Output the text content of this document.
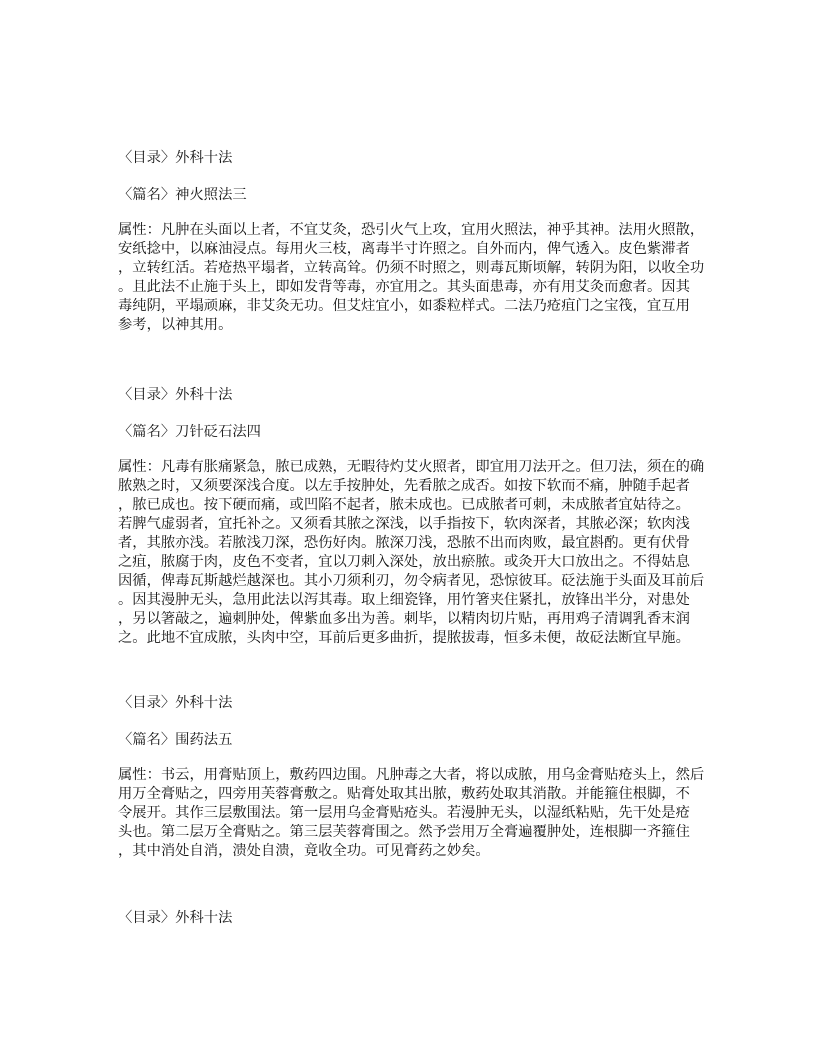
〈目录〉外科十法
〈篇名〉神火照法三
属性：凡肿在头面以上者，不宜艾灸，恐引火气上攻，宜用火照法，神乎其神。法用火照散，
安纸捻中，以麻油浸点。每用火三枝，离毒半寸许照之。自外而内，俾气透入。皮色紫滞者
，立转红活。若疮热平塌者，立转高耸。仍须不时照之，则毒瓦斯顷解，转阴为阳，以收全功
。且此法不止施于头上，即如发背等毒，亦宜用之。其头面患毒，亦有用艾灸而愈者。因其
毒纯阴，平塌顽麻，非艾灸无功。但艾炷宜小，如黍粒样式。二法乃疮疽门之宝筏，宜互用
参考，以神其用。
〈目录〉外科十法
〈篇名〉刀针砭石法四
属性：凡毒有胀痛紧急，脓已成熟，无暇待灼艾火照者，即宜用刀法开之。但刀法，须在的确
脓熟之时，又须要深浅合度。以左手按肿处，先看脓之成否。如按下软而不痛，肿随手起者
，脓已成也。按下硬而痛，或凹陷不起者，脓未成也。已成脓者可刺，未成脓者宜姑待之。
若脾气虚弱者，宜托补之。又须看其脓之深浅，以手指按下，软肉深者，其脓必深；软肉浅
者，其脓亦浅。若脓浅刀深，恐伤好肉。脓深刀浅，恐脓不出而肉败，最宜斟酌。更有伏骨
之疽，脓腐于肉，皮色不变者，宜以刀刺入深处，放出瘀脓。或灸开大口放出之。不得姑息
因循，俾毒瓦斯越烂越深也。其小刀须利刃，勿令病者见，恐惊彼耳。砭法施于头面及耳前后
。因其漫肿无头，急用此法以泻其毒。取上细瓷锋，用竹箸夹住紧扎，放锋出半分，对患处
，另以箸敲之，遍刺肿处，俾紫血多出为善。刺毕，以精肉切片贴，再用鸡子清调乳香末润
之。此地不宜成脓，头肉中空，耳前后更多曲折，提脓拔毒，恒多未便，故砭法断宜早施。
〈目录〉外科十法
〈篇名〉围药法五
属性：书云，用膏贴顶上，敷药四边围。凡肿毒之大者，将以成脓，用乌金膏贴疮头上，然后
用万全膏贴之，四旁用芙蓉膏敷之。贴膏处取其出脓，敷药处取其消散。并能箍住根脚，不
令展开。其作三层敷围法。第一层用乌金膏贴疮头。若漫肿无头，以湿纸粘贴，先干处是疮
头也。第二层万全膏贴之。第三层芙蓉膏围之。然予尝用万全膏遍覆肿处，连根脚一齐箍住
，其中消处自消，溃处自溃，竟收全功。可见膏药之妙矣。
〈目录〉外科十法
